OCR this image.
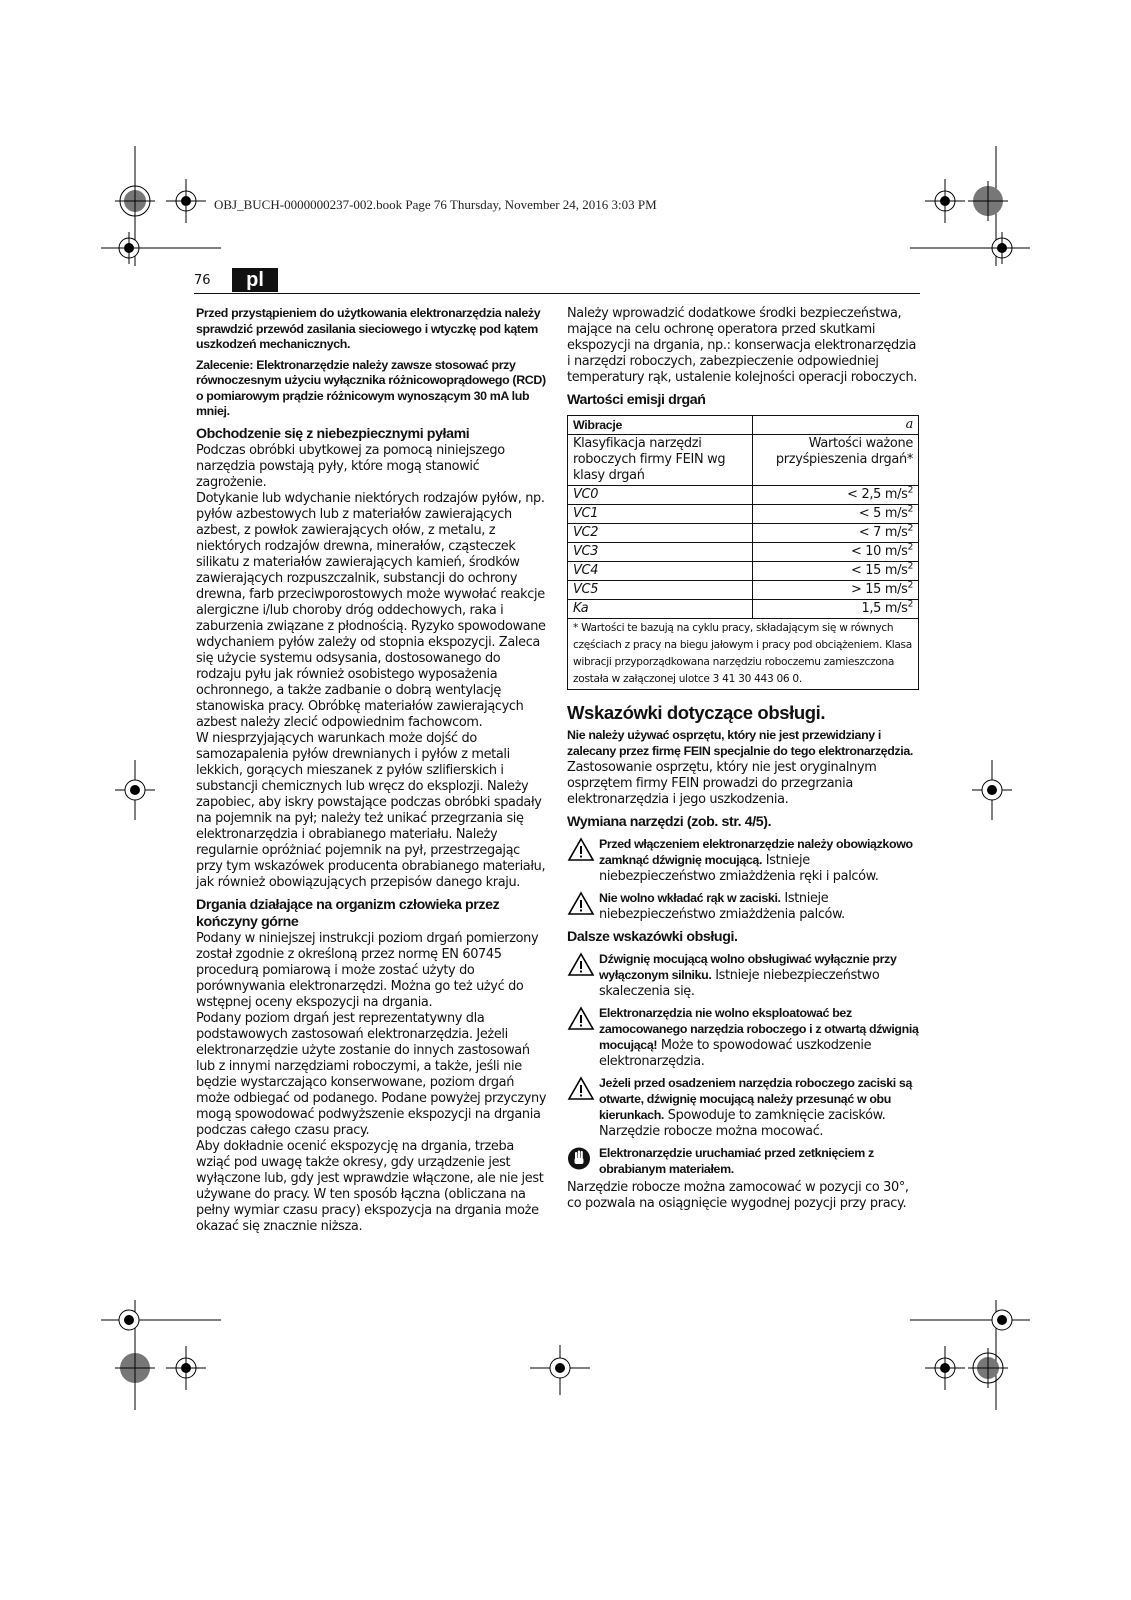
OBJ_BUCH-0000000237-002.book Page 76 Thursday, November 24, 2016 3:03 PM
76	pl

Przed przystąpieniem do użytkowania elektronarzędzia należy sprawdzić przewód zasilania sieciowego i wtyczkę pod kątem uszkodzeń mechanicznych.

Zalecenie: Elektronarzędzie należy zawsze stosować przy równoczesnym użyciu wyłącznika różnicowoprądowego (RCD) o pomiarowym prądzie różnicowym wynoszącym 30 mA lub mniej.

Obchodzenie się z niebezpiecznymi pyłami

Podczas obróbki ubytkowej za pomocą niniejszego narzędzia powstają pyły, które mogą stanowić zagrożenie.

Dotykanie lub wdychanie niektórych rodzajów pyłów, np. pyłów azbestowych lub z materiałów zawierających azbest, z powłok zawierających ołów, z metalu, z niektórych rodzajów drewna, minerałów, cząsteczek silikatu z materiałów zawierających kamień, środków zawierających rozpuszczalnik, substancji do ochrony drewna, farb przeciwporostowych może wywołać reakcje alergiczne i/lub choroby dróg oddechowych, raka i zaburzenia związane z płodnością. Ryzyko spowodowane wdychaniem pyłów zależy od stopnia ekspozycji. Zaleca się użycie systemu odsysania, dostosowanego do rodzaju pyłu jak również osobistego wyposażenia ochronnego, a także zadbanie o dobrą wentylację stanowiska pracy. Obróbkę materiałów zawierających azbest należy zlecić odpowiednim fachowcom.

W niesprzyjających warunkach może dojść do samozapalenia pyłów drewnianych i pyłów z metali lekkich, gorących mieszanek z pyłów szlifierskich i substancji chemicznych lub wręcz do eksplozji. Należy zapobiec, aby iskry powstające podczas obróbki spadały na pojemnik na pył; należy też unikać przegrzania się elektronarzędzia i obrabianego materiału. Należy regularnie opróżniać pojemnik na pył, przestrzegając przy tym wskazówek producenta obrabianego materiału, jak również obowiązujących przepisów danego kraju.

Drgania działające na organizm człowieka przez kończyny górne

Podany w niniejszej instrukcji poziom drgań pomierzony został zgodnie z określoną przez normę EN 60745 procedurą pomiarową i może zostać użyty do porównywania elektronarzędzi. Można go też użyć do wstępnej oceny ekspozycji na drgania.

Podany poziom drgań jest reprezentatywny dla podstawowych zastosowań elektronarzędzia. Jeżeli elektronarzędzie użyte zostanie do innych zastosowań lub z innymi narzędziami roboczymi, a także, jeśli nie będzie wystarczająco konserwowane, poziom drgań może odbiegać od podanego. Podane powyżej przyczyny mogą spowodować podwyższenie ekspozycji na drgania podczas całego czasu pracy.

Aby dokładnie ocenić ekspozycję na drgania, trzeba wziąć pod uwagę także okresy, gdy urządzenie jest wyłączone lub, gdy jest wprawdzie włączone, ale nie jest używane do pracy. W ten sposób łączna (obliczana na pełny wymiar czasu pracy) ekspozycja na drgania może okazać się znacznie niższa.

Należy wprowadzić dodatkowe środki bezpieczeństwa, mające na celu ochronę operatora przed skutkami ekspozycji na drgania, np.: konserwacja elektronarzędzia i narzędzi roboczych, zabezpieczenie odpowiedniej temperatury rąk, ustalenie kolejności operacji roboczych.

Wartości emisji drgań
Wibracje	a
Klasyfikacja narzędzi roboczych firmy FEIN wg klasy drgań	Wartości ważone przyśpieszenia drgań*
VC0	< 2,5 $m/s^2$
VC1	< 5 $m/s^2$
VC2	< 7 $m/s^2$
VC3	< 10 $m/s^2$
VC4	< 15 $m/s^2$
VC5	> 15 $m/s^2$
Ka	1,5 $m/s^2$
* Wartości te bazują na cyklu pracy, składającym się w równych częściach z pracy na biegu jałowym i pracy pod obciążeniem. Klasa wibracji przyporządkowana narzędziu roboczemu zamieszczona została w załączonej ulotce 3 41 30 443 06 0.	
Wskazówki dotyczące obsługi.

Nie należy używać osprzętu, który nie jest przewidziany i zalecany przez firmę FEIN specjalnie do tego elektronarzędzia. Zastosowanie osprzętu, który nie jest oryginalnym osprzętem firmy FEIN prowadzi do przegrzania elektronarzędzia i jego uszkodzenia.

Wymiana narzędzi (zob. str. 4/5).
Przed włączeniem elektronarzędzie należy obowiązkowo zamknąć dźwignię mocującą. Istnieje niebezpieczeństwo zmiażdżenia ręki i palców.
Nie wolno wkładać rąk w zaciski. Istnieje niebezpieczeństwo zmiażdżenia palców.
Dalsze wskazówki obsługi.
Dźwignię mocującą wolno obsługiwać wyłącznie przy wyłączonym silniku. Istnieje niebezpieczeństwo skaleczenia się.
Elektronarzędzia nie wolno eksploatować bez zamocowanego narzędzia roboczego i z otwartą dźwignią mocującą! Może to spowodować uszkodzenie elektronarzędzia.
Jeżeli przed osadzeniem narzędzia roboczego zaciski są otwarte, dźwignię mocującą należy przesunąć w obu kierunkach. Spowoduje to zamknięcie zacisków. Narzędzie robocze można mocować.
Elektronarzędzie uruchamiać przed zetknięciem z obrabianym materiałem.

Narzędzie robocze można zamocować w pozycji co 30°, co pozwala na osiągnięcie wygodnej pozycji przy pracy.
